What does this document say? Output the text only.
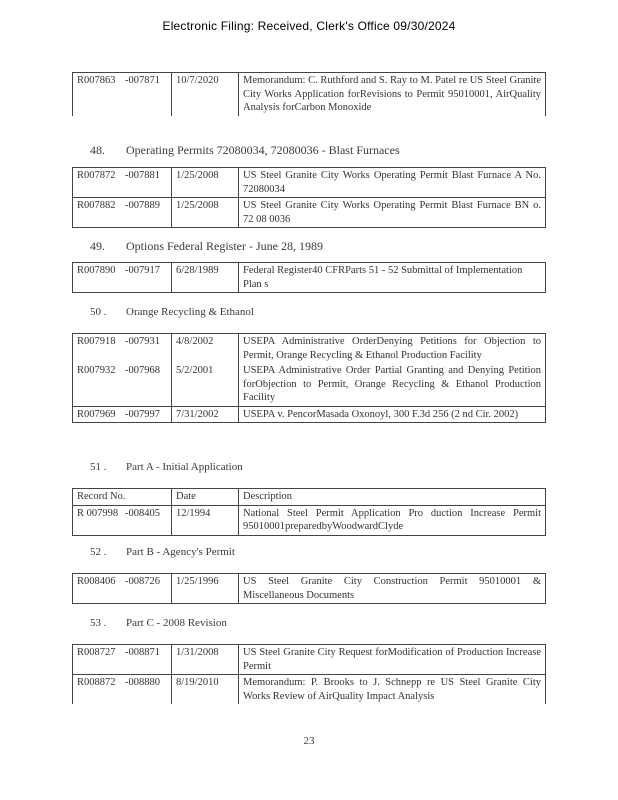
Electronic Filing: Received, Clerk's Office 09/30/2024
R007863 -007871	10/7/2020	Memorandum: C. Ruthford and S. Ray to M. Patel re US Steel Granite City Works Application forRevisions to Permit 95010001, AirQuality Analysis forCarbon Monoxide

48. Operating Permits 72080034, 72080036 - Blast Furnaces

R007872 -007881	1/25/2008	US Steel Granite City Works Operating Permit Blast Furnace A No. 72080034
R007882 -007889	1/25/2008	US Steel Granite City Works Operating Permit Blast Furnace BN o. 72 08 0036

49. Options Federal Register - June 28, 1989

R007890 -007917	6/28/1989	Federal Register40 CFRParts 51 - 52 Submittal of Implementation Plan s

50 . Orange Recycling & Ethanol

R007918 -007931	4/8/2002	USEPA Administrative OrderDenying Petitions for Objection to Permit, Orange Recycling & Ethanol Production Facility
R007932 -007968	5/2/2001	USEPA Administrative Order Partial Granting and Denying Petition forObjection to Permit, Orange Recycling & Ethanol Production Facility
R007969 -007997	7/31/2002	USEPA v. PencorMasada Oxonoyl, 300 F.3d 256 (2 nd Cir. 2002)

51 . Part A - Initial Application

Record No.	Date	Description
R 007998 -008405	12/1994	National Steel Permit Application Pro duction Increase Permit 95010001preparedbyWoodwardClyde

52 . Part B - Agency's Permit

R008406 -008726	1/25/1996	US Steel Granite City Construction Permit 95010001 & Miscellaneous Documents

53 . Part C - 2008 Revision

R008727 -008871	1/31/2008	US Steel Granite City Request forModification of Production Increase Permit
R008872 -008880	8/19/2010	Memorandum: P. Brooks to J. Schnepp re US Steel Granite City Works Review of AirQuality Impact Analysis
23
